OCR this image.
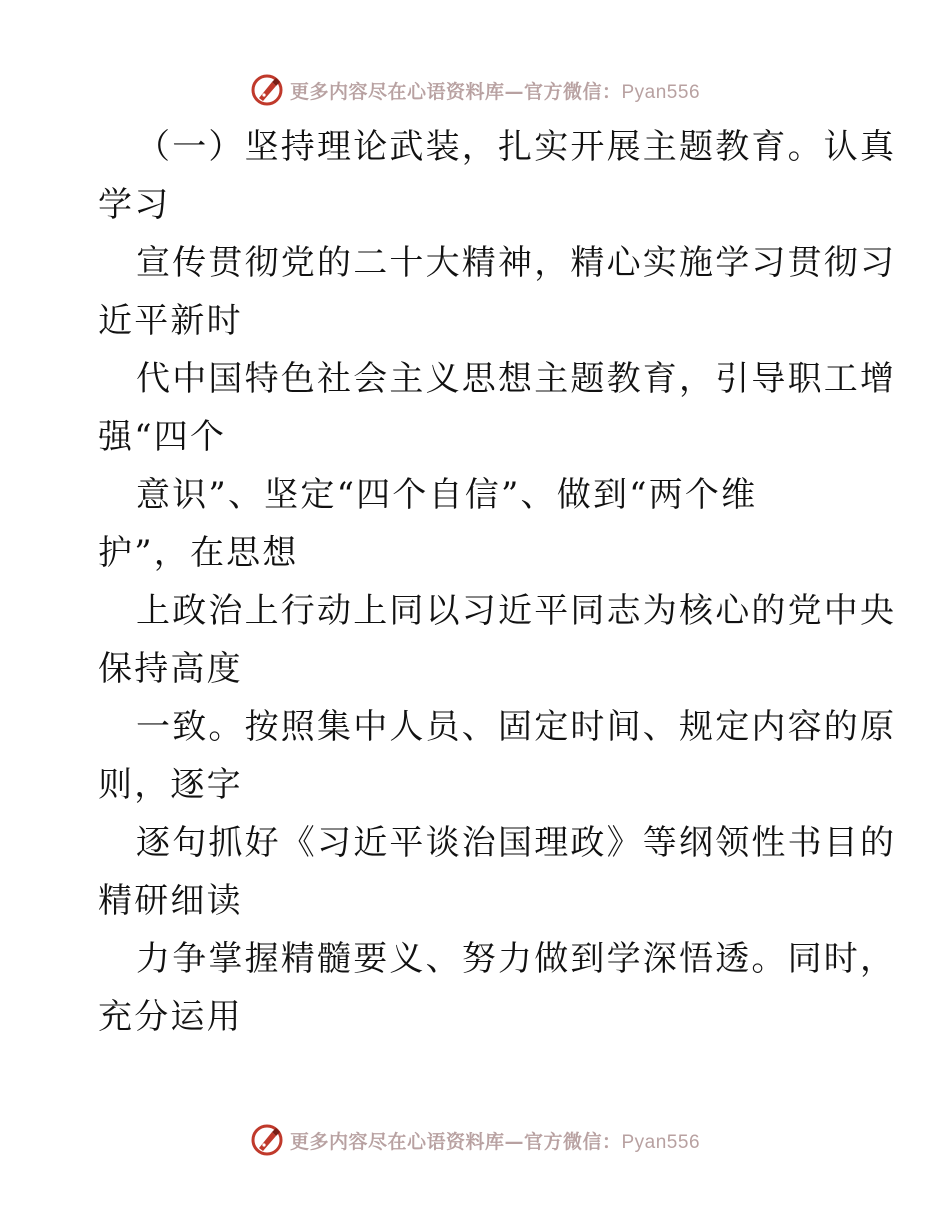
更多内容尽在心语资料库—官方微信：Pyan556
（一）坚持理论武装，扎实开展主题教育。认真
学习
宣传贯彻党的二十大精神，精心实施学习贯彻习
近平新时
代中国特色社会主义思想主题教育，引导职工增
强“四个
意识”、坚定“四个自信”、做到“两个维
护”，在思想
上政治上行动上同以习近平同志为核心的党中央
保持高度
一致。按照集中人员、固定时间、规定内容的原
则，逐字
逐句抓好《习近平谈治国理政》等纲领性书目的
精研细读
力争掌握精髓要义、努力做到学深悟透。同时，
充分运用
更多内容尽在心语资料库—官方微信：Pyan556
